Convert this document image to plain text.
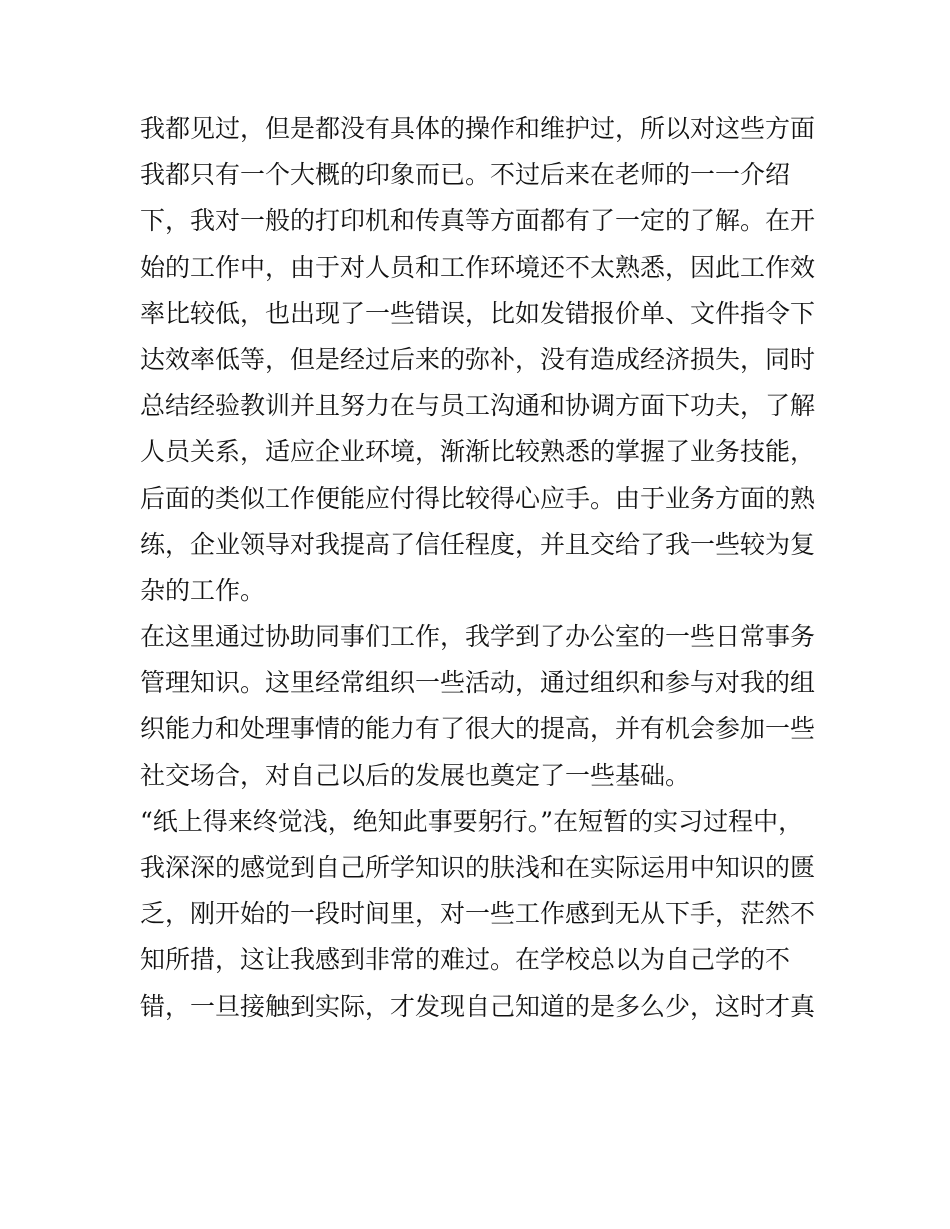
我都见过，但是都没有具体的操作和维护过，所以对这些方面
我都只有一个大概的印象而已。不过后来在老师的一一介绍
下，我对一般的打印机和传真等方面都有了一定的了解。在开
始的工作中，由于对人员和工作环境还不太熟悉，因此工作效
率比较低，也出现了一些错误，比如发错报价单、文件指令下
达效率低等，但是经过后来的弥补，没有造成经济损失，同时
总结经验教训并且努力在与员工沟通和协调方面下功夫，了解
人员关系，适应企业环境，渐渐比较熟悉的掌握了业务技能，
后面的类似工作便能应付得比较得心应手。由于业务方面的熟
练，企业领导对我提高了信任程度，并且交给了我一些较为复
杂的工作。
在这里通过协助同事们工作，我学到了办公室的一些日常事务
管理知识。这里经常组织一些活动，通过组织和参与对我的组
织能力和处理事情的能力有了很大的提高，并有机会参加一些
社交场合，对自己以后的发展也奠定了一些基础。
“纸上得来终觉浅，绝知此事要躬行。”在短暂的实习过程中，
我深深的感觉到自己所学知识的肤浅和在实际运用中知识的匮
乏，刚开始的一段时间里，对一些工作感到无从下手，茫然不
知所措，这让我感到非常的难过。在学校总以为自己学的不
错，一旦接触到实际，才发现自己知道的是多么少，这时才真
